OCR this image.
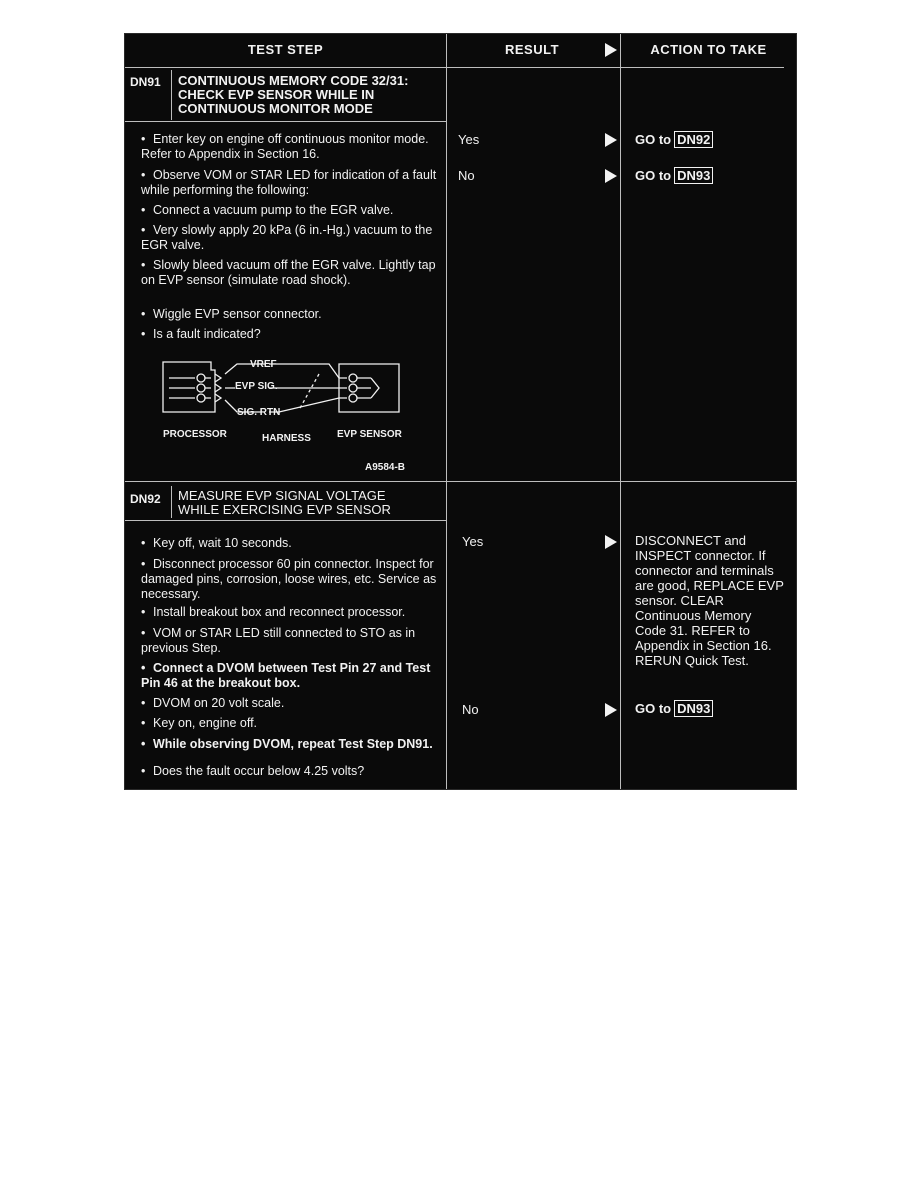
TEST STEP	RESULT	ACTION TO TAKE
DN91 CONTINUOUS MEMORY CODE 32/31:
CHECK EVP SENSOR WHILE IN
CONTINUOUS MONITOR MODE
• Enter key on engine off continuous monitor mode. Refer to Appendix in Section 16.
• Observe VOM or STAR LED for indication of a fault while performing the following:
• Connect a vacuum pump to the EGR valve.
• Very slowly apply 20 kPa (6 in.-Hg.) vacuum to the EGR valve.
• Slowly bleed vacuum off the EGR valve. Lightly tap on EVP sensor (simulate road shock).
• Wiggle EVP sensor connector.
• Is a fault indicated?
VREF
EVP SIG.
SIG. RTN
PROCESSOR	HARNESS	EVP SENSOR
A9584-B
Yes	GO to DN92
No	GO to DN93
DN92 MEASURE EVP SIGNAL VOLTAGE
WHILE EXERCISING EVP SENSOR
• Key off, wait 10 seconds.
• Disconnect processor 60 pin connector. Inspect for damaged pins, corrosion, loose wires, etc. Service as necessary.
• Install breakout box and reconnect processor.
• VOM or STAR LED still connected to STO as in previous Step.
• Connect a DVOM between Test Pin 27 and Test Pin 46 at the breakout box.
• DVOM on 20 volt scale.
• Key on, engine off.
• While observing DVOM, repeat Test Step DN91.
• Does the fault occur below 4.25 volts?
Yes	DISCONNECT and INSPECT connector. If connector and terminals are good, REPLACE EVP sensor. CLEAR Continuous Memory Code 31. REFER to Appendix in Section 16. RERUN Quick Test.
No	GO to DN93
